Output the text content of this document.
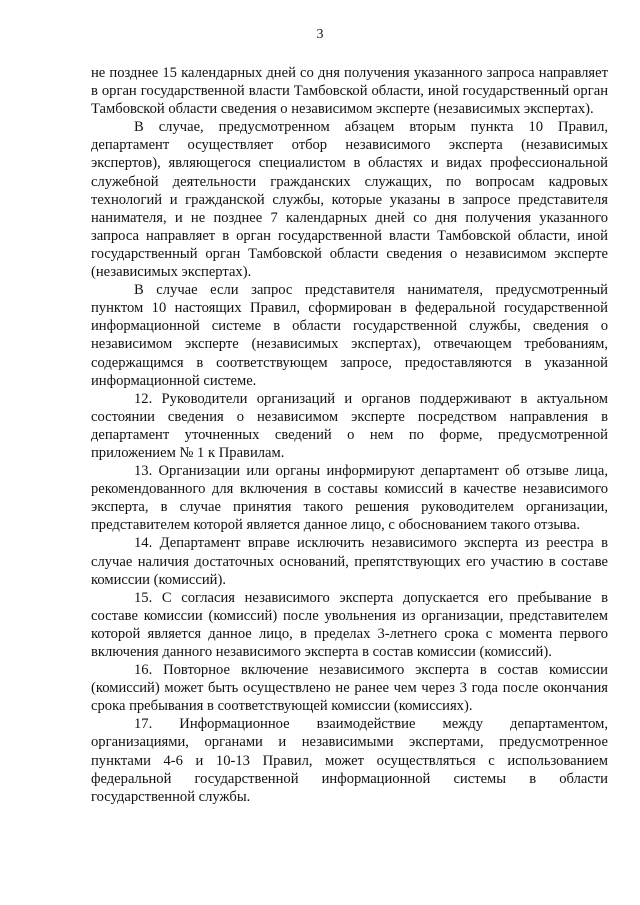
3

не позднее 15 календарных дней со дня получения указанного запроса направляет в орган государственной власти Тамбовской области, иной государственный орган Тамбовской области сведения о независимом эксперте (независимых экспертах).

В случае, предусмотренном абзацем вторым пункта 10 Правил, департамент осуществляет отбор независимого эксперта (независимых экспертов), являющегося специалистом в областях и видах профессиональной служебной деятельности гражданских служащих, по вопросам кадровых технологий и гражданской службы, которые указаны в запросе представителя нанимателя, и не позднее 7 календарных дней со дня получения указанного запроса направляет в орган государственной власти Тамбовской области, иной государственный орган Тамбовской области сведения о независимом эксперте (независимых экспертах).

В случае если запрос представителя нанимателя, предусмотренный пунктом 10 настоящих Правил, сформирован в федеральной государственной информационной системе в области государственной службы, сведения о независимом эксперте (независимых экспертах), отвечающем требованиям, содержащимся в соответствующем запросе, предоставляются в указанной информационной системе.

12. Руководители организаций и органов поддерживают в актуальном состоянии сведения о независимом эксперте посредством направления в департамент уточненных сведений о нем по форме, предусмотренной приложением № 1 к Правилам.

13. Организации или органы информируют департамент об отзыве лица, рекомендованного для включения в составы комиссий в качестве независимого эксперта, в случае принятия такого решения руководителем организации, представителем которой является данное лицо, с обоснованием такого отзыва.

14. Департамент вправе исключить независимого эксперта из реестра в случае наличия достаточных оснований, препятствующих его участию в составе комиссии (комиссий).

15. С согласия независимого эксперта допускается его пребывание в составе комиссии (комиссий) после увольнения из организации, представителем которой является данное лицо, в пределах 3-летнего срока с момента первого включения данного независимого эксперта в состав комиссии (комиссий).

16. Повторное включение независимого эксперта в состав комиссии (комиссий) может быть осуществлено не ранее чем через 3 года после окончания срока пребывания в соответствующей комиссии (комиссиях).

17. Информационное взаимодействие между департаментом, организациями, органами и независимыми экспертами, предусмотренное пунктами 4-6 и 10-13 Правил, может осуществляться с использованием федеральной государственной информационной системы в области государственной службы.
